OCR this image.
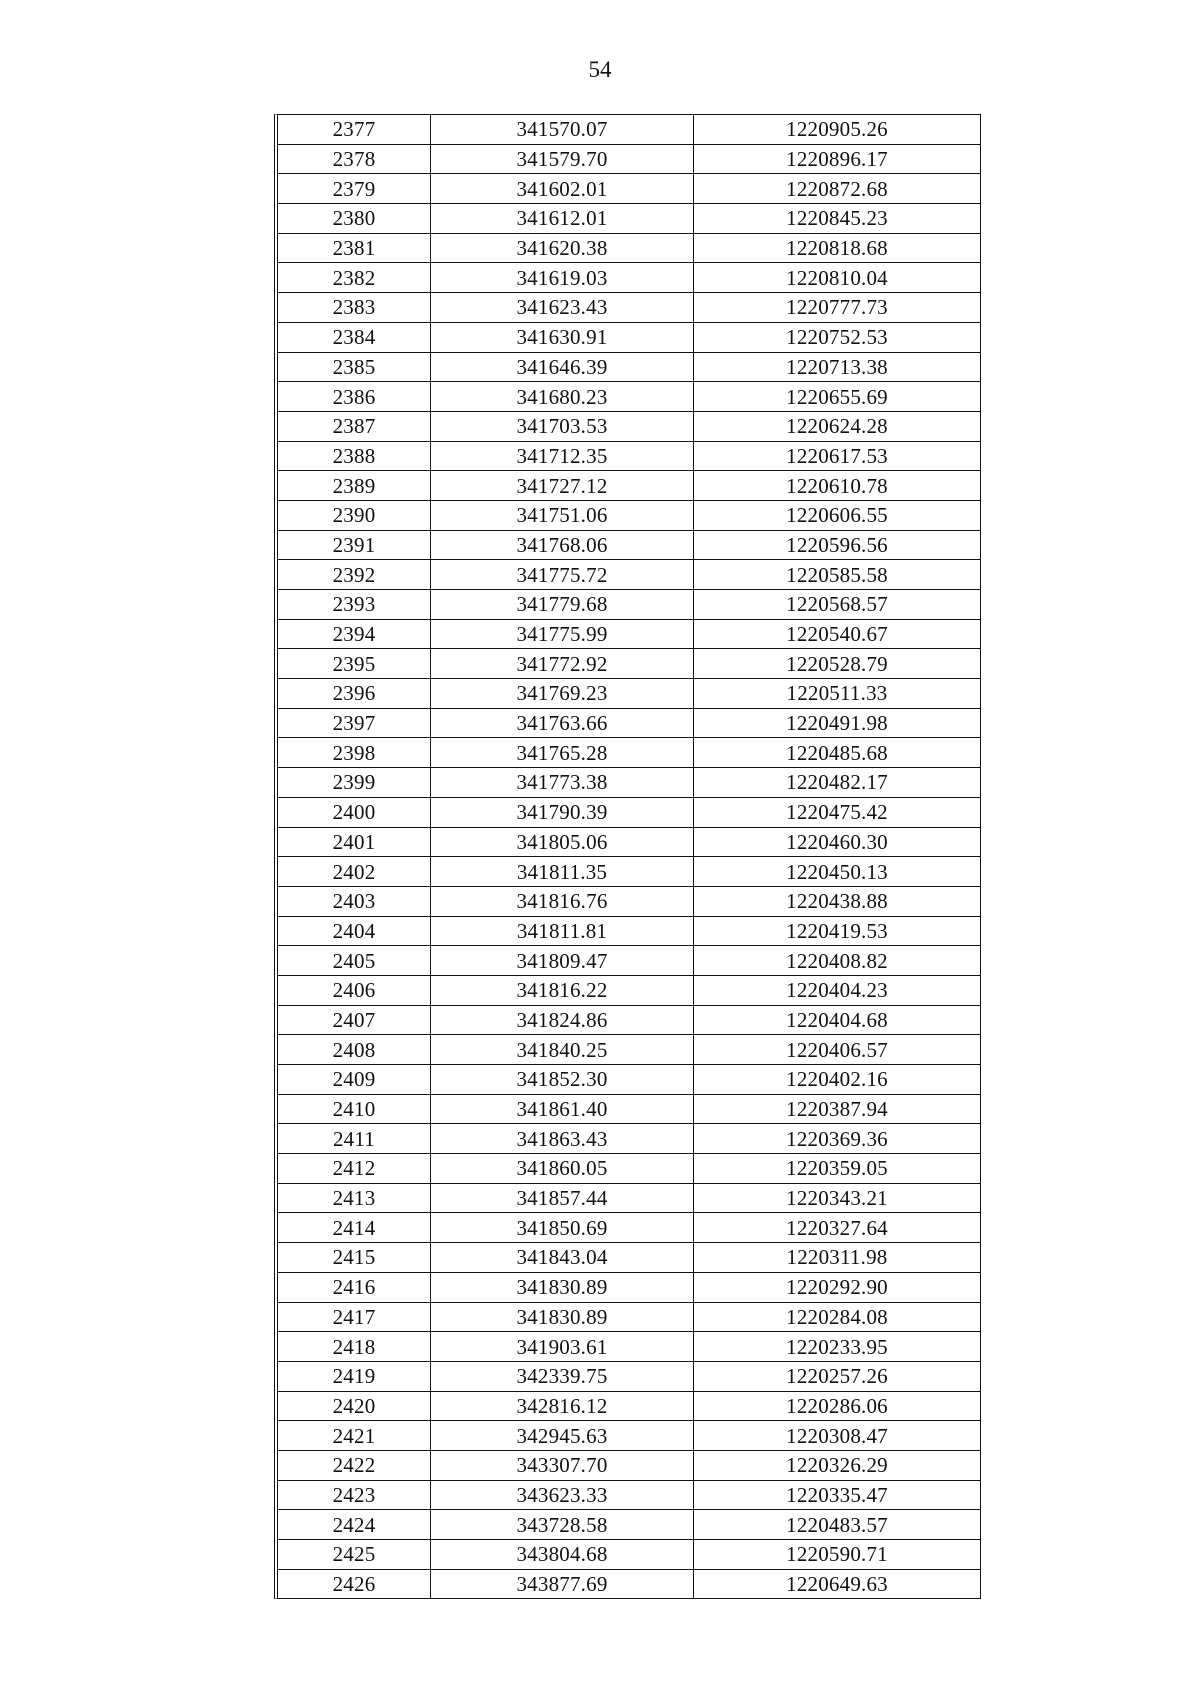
54
2377	341570.07	1220905.26
2378	341579.70	1220896.17
2379	341602.01	1220872.68
2380	341612.01	1220845.23
2381	341620.38	1220818.68
2382	341619.03	1220810.04
2383	341623.43	1220777.73
2384	341630.91	1220752.53
2385	341646.39	1220713.38
2386	341680.23	1220655.69
2387	341703.53	1220624.28
2388	341712.35	1220617.53
2389	341727.12	1220610.78
2390	341751.06	1220606.55
2391	341768.06	1220596.56
2392	341775.72	1220585.58
2393	341779.68	1220568.57
2394	341775.99	1220540.67
2395	341772.92	1220528.79
2396	341769.23	1220511.33
2397	341763.66	1220491.98
2398	341765.28	1220485.68
2399	341773.38	1220482.17
2400	341790.39	1220475.42
2401	341805.06	1220460.30
2402	341811.35	1220450.13
2403	341816.76	1220438.88
2404	341811.81	1220419.53
2405	341809.47	1220408.82
2406	341816.22	1220404.23
2407	341824.86	1220404.68
2408	341840.25	1220406.57
2409	341852.30	1220402.16
2410	341861.40	1220387.94
2411	341863.43	1220369.36
2412	341860.05	1220359.05
2413	341857.44	1220343.21
2414	341850.69	1220327.64
2415	341843.04	1220311.98
2416	341830.89	1220292.90
2417	341830.89	1220284.08
2418	341903.61	1220233.95
2419	342339.75	1220257.26
2420	342816.12	1220286.06
2421	342945.63	1220308.47
2422	343307.70	1220326.29
2423	343623.33	1220335.47
2424	343728.58	1220483.57
2425	343804.68	1220590.71
2426	343877.69	1220649.63
